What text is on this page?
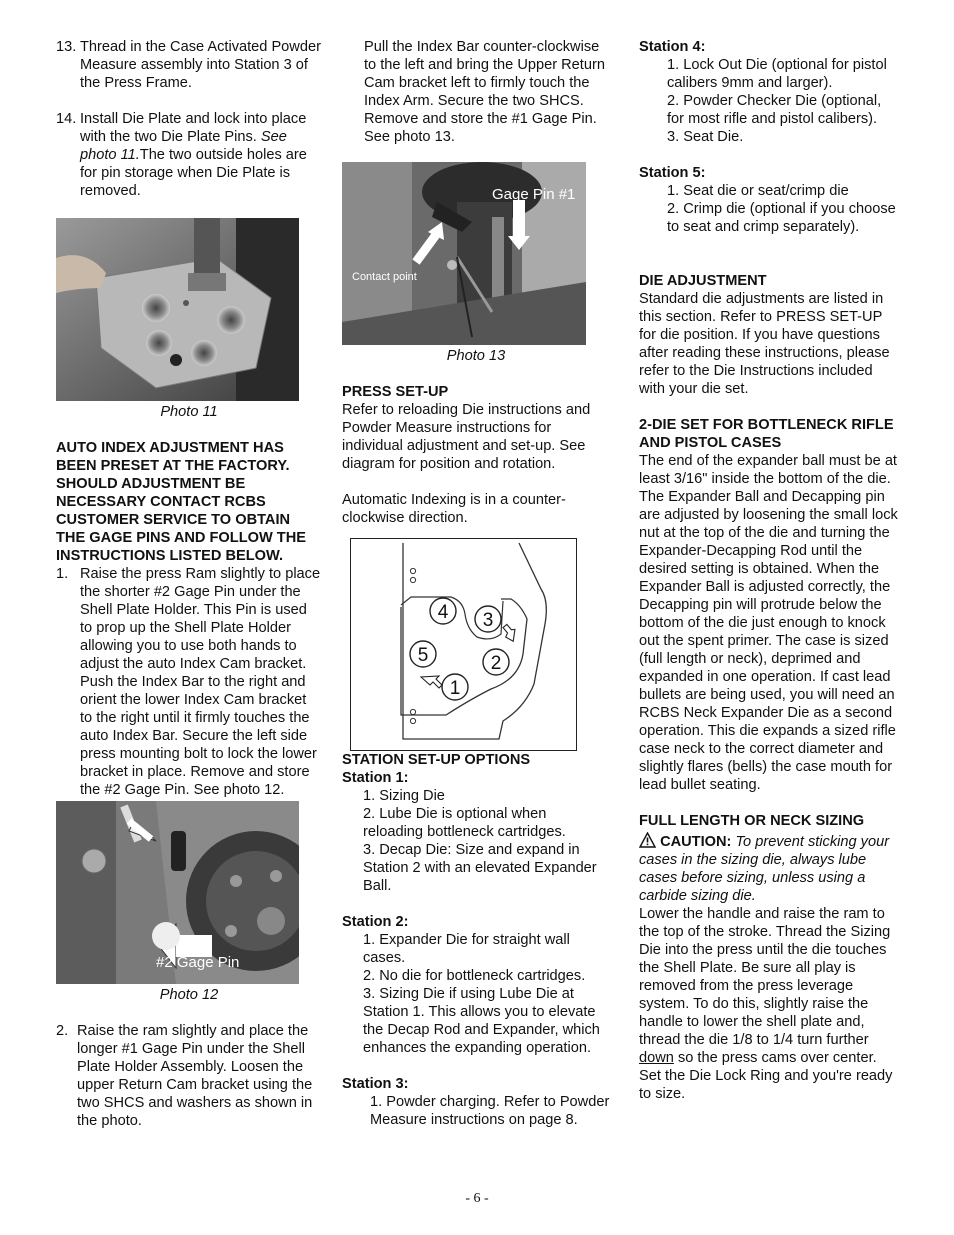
13. Thread in the Case Activated Powder Measure assembly into Station 3 of the Press Frame.
14. Install Die Plate and lock into place with the two Die Plate Pins. See photo 11.The two outside holes are for pin storage when Die Plate is removed.
Photo 11

AUTO INDEX ADJUSTMENT HAS BEEN PRESET AT THE FACTORY. SHOULD ADJUSTMENT BE NECESSARY CONTACT RCBS CUSTOMER SERVICE TO OBTAIN THE GAGE PINS AND FOLLOW THE INSTRUCTIONS LISTED BELOW.

1. Raise the press Ram slightly to place the shorter #2 Gage Pin under the Shell Plate Holder. This Pin is used to prop up the Shell Plate Holder allowing you to use both hands to adjust the auto Index Cam bracket. Push the Index Bar to the right and orient the lower Index Cam bracket to the right until it firmly touches the auto Index Bar. Secure the left side press mounting bolt to lock the lower bracket in place. Remove and store the #2 Gage Pin. See photo 12.
#2 Gage Pin
Photo 12
2. Raise the ram slightly and place the longer #1 Gage Pin under the Shell Plate Holder Assembly. Loosen the upper Return Cam bracket using the two SHCS and washers as shown in the photo.

Pull the Index Bar counter-clockwise to the left and bring the Upper Return Cam bracket left to firmly touch the Index Arm. Secure the two SHCS. Remove and store the #1 Gage Pin. See photo 13.

Gage Pin #1
Contact point
Photo 13

PRESS SET-UP

Refer to reloading Die instructions and Powder Measure instructions for individual adjustment and set-up. See diagram for position and rotation.

Automatic Indexing is in a counter-clockwise direction.

4 3
5	2
1

STATION SET-UP OPTIONS

Station 1:

1. Sizing Die

2. Lube Die is optional when reloading bottleneck cartridges.

3. Decap Die: Size and expand in Station 2 with an elevated Expander Ball.

Station 2:

1. Expander Die for straight wall cases.

2. No die for bottleneck cartridges.

3. Sizing Die if using Lube Die at Station 1. This allows you to elevate the Decap Rod and Expander, which enhances the expanding operation.

Station 3:

1. Powder charging. Refer to Powder Measure instructions on page 8.

Station 4:

1. Lock Out Die (optional for pistol calibers 9mm and larger).

2. Powder Checker Die (optional, for most rifle and pistol calibers).

3. Seat Die.

Station 5:

1. Seat die or seat/crimp die

2. Crimp die (optional if you choose to seat and crimp separately).

DIE ADJUSTMENT

Standard die adjustments are listed in this section. Refer to PRESS SET-UP for die position. If you have questions after reading these instructions, please refer to the Die Instructions included with your die set.

2-DIE SET FOR BOTTLENECK RIFLE AND PISTOL CASES

The end of the expander ball must be at least 3/16" inside the bottom of the die. The Expander Ball and Decapping pin are adjusted by loosening the small lock nut at the top of the die and turning the Expander-Decapping Rod until the desired setting is obtained. When the Expander Ball is adjusted correctly, the Decapping pin will protrude below the bottom of the die just enough to knock out the spent primer. The case is sized (full length or neck), deprimed and expanded in one operation. If cast lead bullets are being used, you will need an RCBS Neck Expander Die as a second operation. This die expands a sized rifle case neck to the correct diameter and slightly flares (bells) the case mouth for lead bullet seating.

FULL LENGTH OR NECK SIZING

CAUTION: To prevent sticking your cases in the sizing die, always lube cases before sizing, unless using a carbide sizing die.

Lower the handle and raise the ram to the top of the stroke. Thread the Sizing Die into the press until the die touches the Shell Plate. Be sure all play is removed from the press leverage system. To do this, slightly raise the handle to lower the shell plate and, thread the die 1/8 to 1/4 turn further down so the press cams over center. Set the Die Lock Ring and you're ready to size.

- 6 -
